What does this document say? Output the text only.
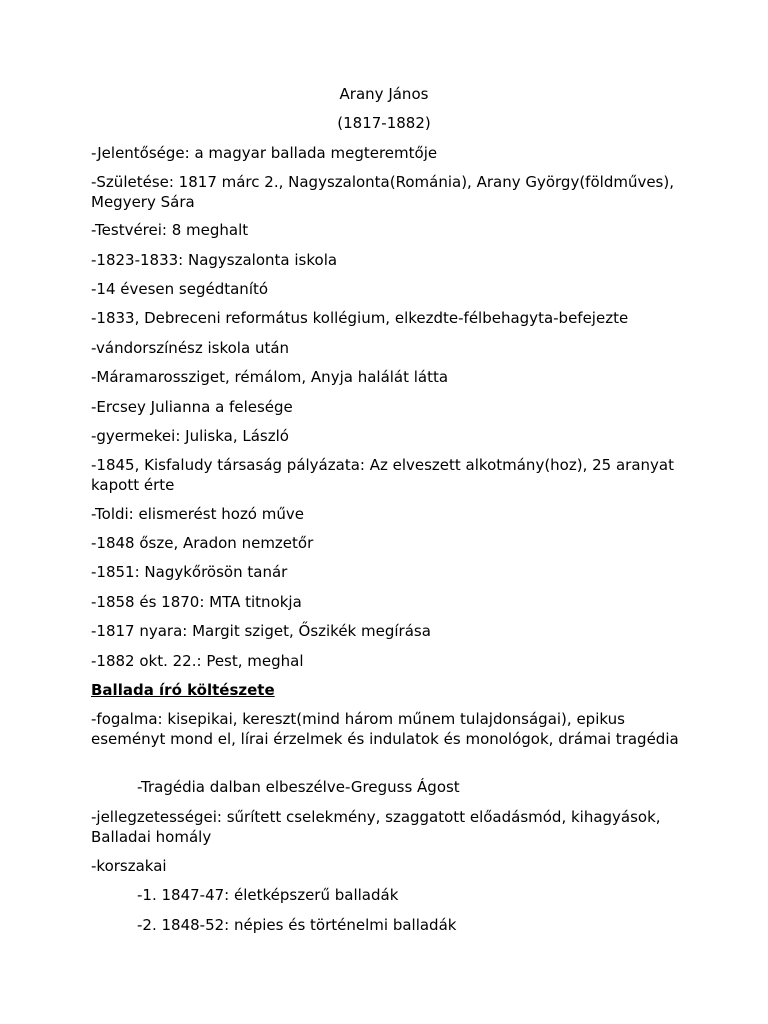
Arany János
(1817-1882)
-Jelentősége: a magyar ballada megteremtője
-Születése: 1817 márc 2., Nagyszalonta(Románia), Arany György(földműves), Megyery Sára
-Testvérei: 8 meghalt
-1823-1833: Nagyszalonta iskola
-14 évesen segédtanító
-1833, Debreceni református kollégium, elkezdte-félbehagyta-befejezte
-vándorszínész iskola után
-Máramarossziget, rémálom, Anyja halálát látta
-Ercsey Julianna a felesége
-gyermekei: Juliska, László
-1845, Kisfaludy társaság pályázata: Az elveszett alkotmány(hoz), 25 aranyat kapott érte
-Toldi: elismerést hozó műve
-1848 ősze, Aradon nemzetőr
-1851: Nagykőrösön tanár
-1858 és 1870: MTA titnokja
-1817 nyara: Margit sziget, Őszikék megírása
-1882 okt. 22.: Pest, meghal
Ballada író költészete
-fogalma: kisepikai, kereszt(mind három műnem tulajdonságai), epikus eseményt mond el, lírai érzelmek és indulatok és monológok, drámai tragédia
-Tragédia dalban elbeszélve-Greguss Ágost
-jellegzetességei: sűrített cselekmény, szaggatott előadásmód, kihagyások, Balladai homály
-korszakai
-1. 1847-47: életképszerű balladák
-2. 1848-52: népies és történelmi balladák
